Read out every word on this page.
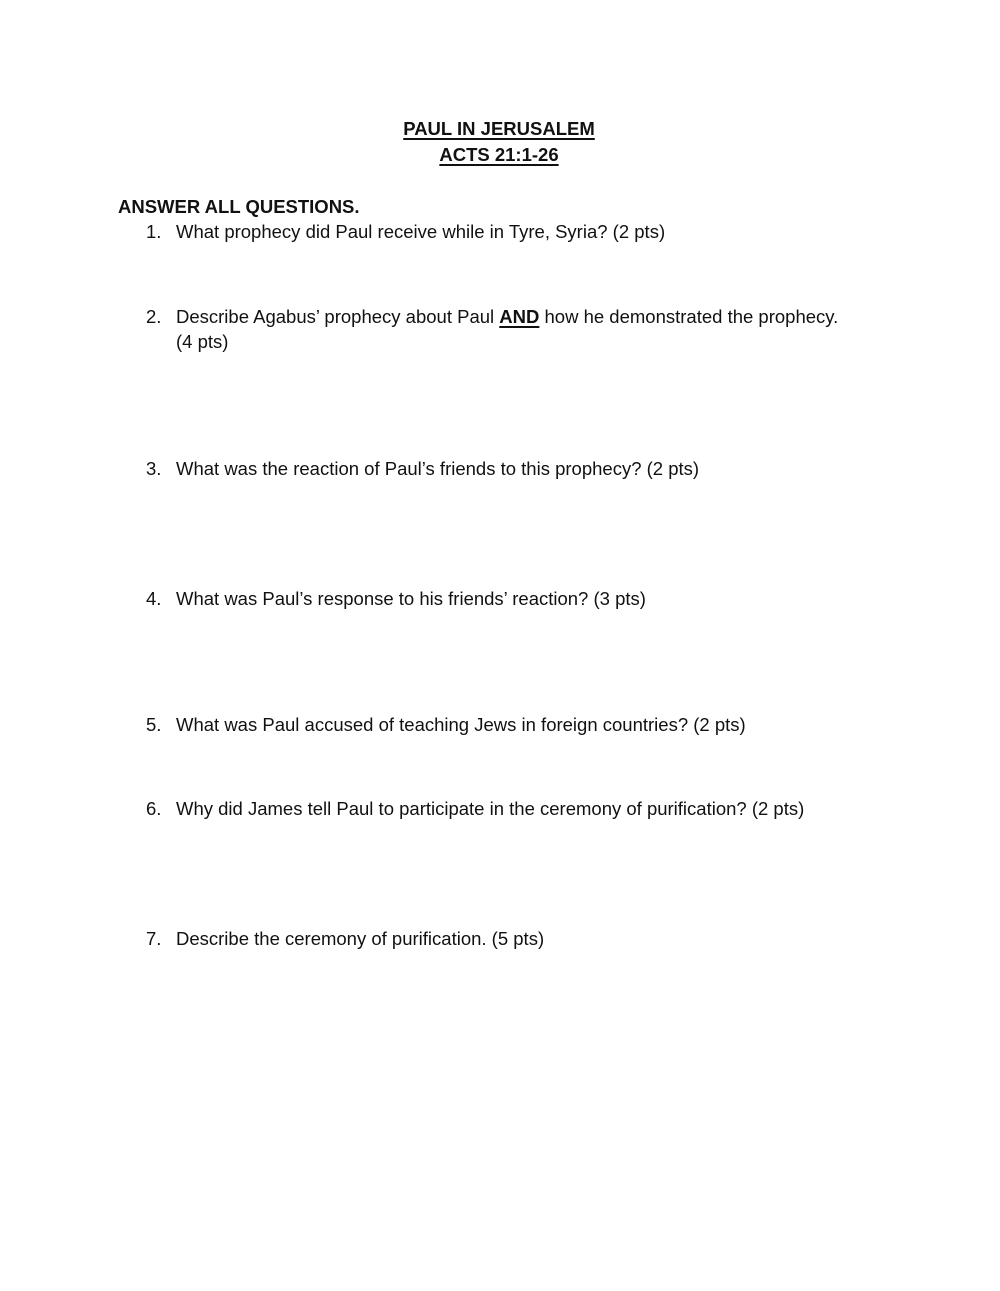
PAUL IN JERUSALEM
ACTS 21:1-26

ANSWER ALL QUESTIONS.

1. What prophecy did Paul receive while in Tyre, Syria? (2 pts)
2. Describe Agabus’ prophecy about Paul AND how he demonstrated the prophecy.
(4 pts)
3. What was the reaction of Paul’s friends to this prophecy? (2 pts)
4. What was Paul’s response to his friends’ reaction? (3 pts)
5. What was Paul accused of teaching Jews in foreign countries? (2 pts)
6. Why did James tell Paul to participate in the ceremony of purification? (2 pts)
7. Describe the ceremony of purification. (5 pts)
